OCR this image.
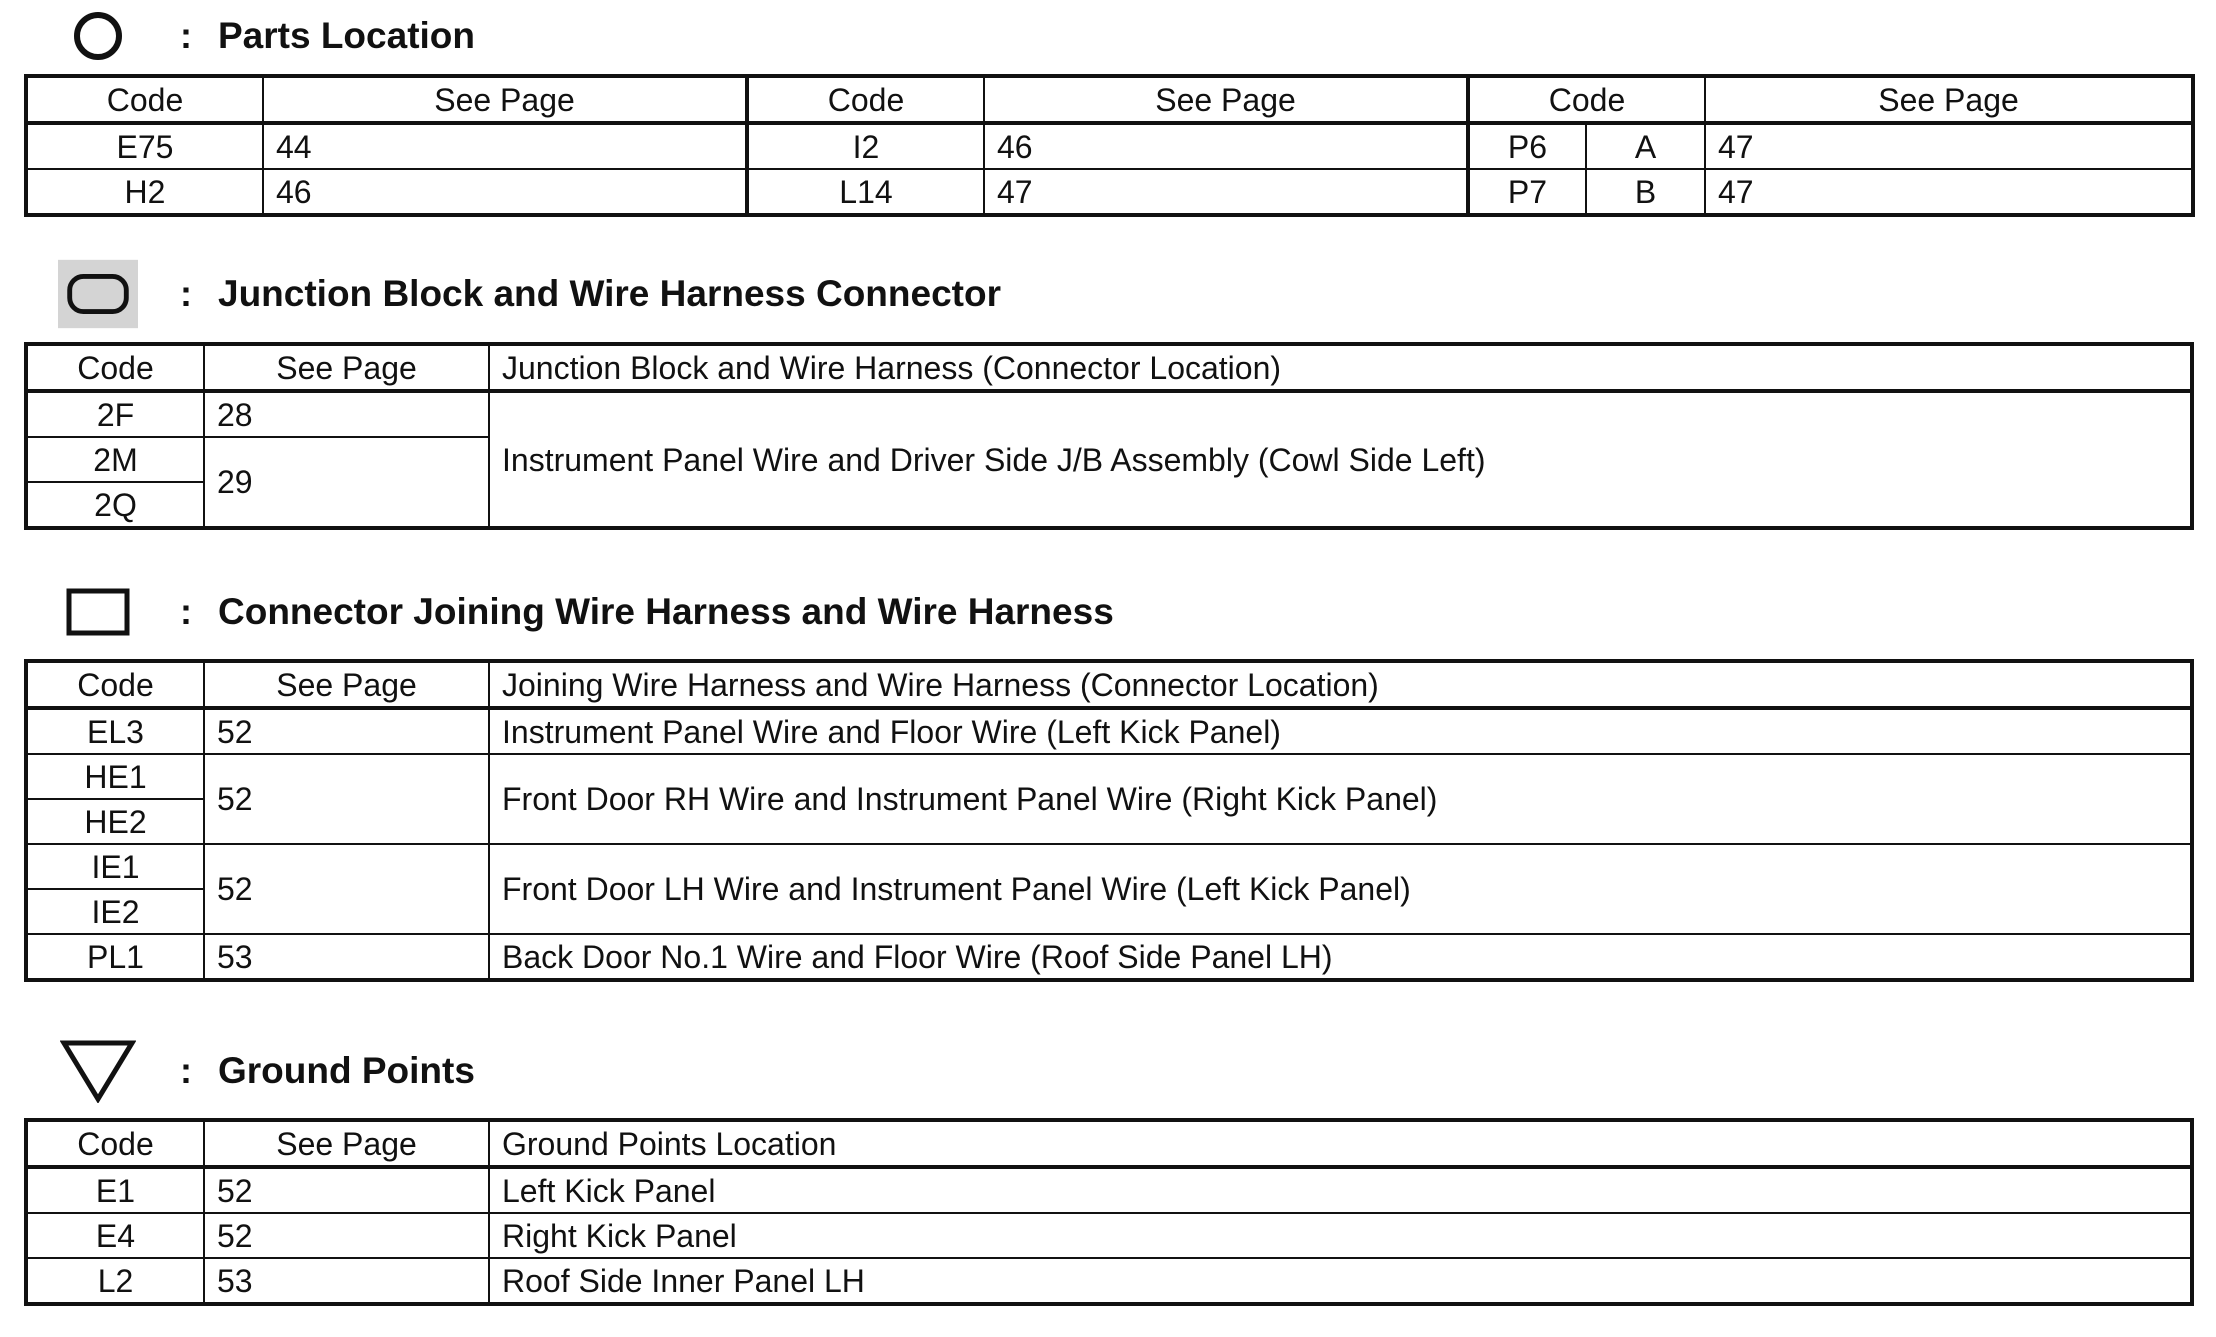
: Parts Location
Code	See Page	Code	See Page	Code		See Page
E75	44	I2	46	P6	A	47
H2	46	L14	47	P7	B	47
: Junction Block and Wire Harness Connector
Code	See Page	Junction Block and Wire Harness (Connector Location)
2F	28	Instrument Panel Wire and Driver Side J/B Assembly (Cowl Side Left)
2M	29	
2Q		
: Connector Joining Wire Harness and Wire Harness
Code	See Page	Joining Wire Harness and Wire Harness (Connector Location)
EL3	52	Instrument Panel Wire and Floor Wire (Left Kick Panel)
HE1	52	Front Door RH Wire and Instrument Panel Wire (Right Kick Panel)
HE2		
IE1	52	Front Door LH Wire and Instrument Panel Wire (Left Kick Panel)
IE2		
PL1	53	Back Door No.1 Wire and Floor Wire (Roof Side Panel LH)
: Ground Points
Code	See Page	Ground Points Location
E1	52	Left Kick Panel
E4	52	Right Kick Panel
L2	53	Roof Side Inner Panel LH
